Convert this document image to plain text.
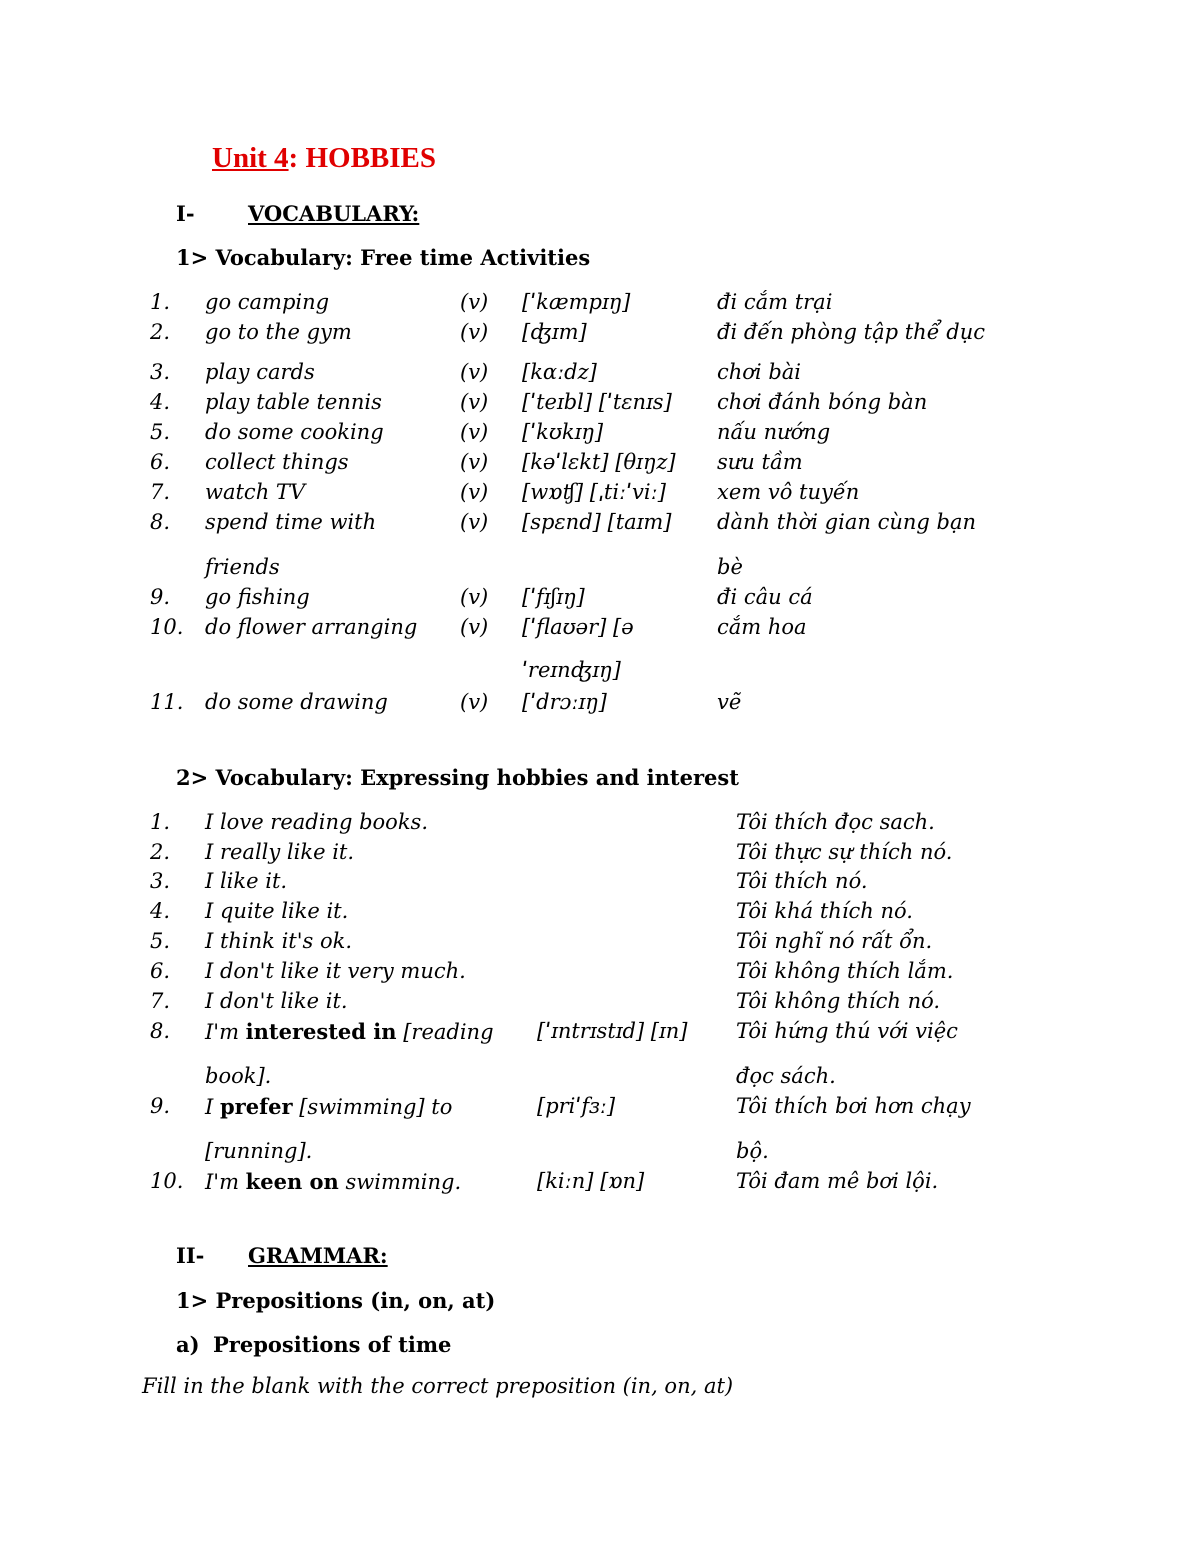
Unit 4: HOBBIES
I-	VOCABULARY:
1> Vocabulary: Free time Activities
1. go camping	(v) [ˈkæmpɪŋ]	đi cắm trại
2. go to the gym	(v) [ʤɪm]	đi đến phòng tập thể dục
3. play cards	(v) [kɑːdz]	chơi bài
4. play table tennis	(v) [ˈteɪbl] [ˈtɛnɪs] chơi đánh bóng bàn
5. do some cooking	(v) [ˈkʊkɪŋ]	nấu nướng
6. collect things	(v) [kəˈlɛkt] [θɪŋz] sưu tầm
7. watch TV	(v) [wɒʧ] [ˌtiːˈviː] xem vô tuyến
8. spend time with	(v) [spɛnd] [taɪm] dành thời gian cùng bạn
friends	bè
9. go fishing	(v) [ˈfɪʃɪŋ]	đi câu cá
10. do flower arranging (v) [ˈflaʊər] [ə	cắm hoa
ˈreɪnʤɪŋ]
11. do some drawing	(v) [ˈdrɔːɪŋ]	vẽ
2> Vocabulary: Expressing hobbies and interest
1. I love reading books.	Tôi thích đọc sach.
2. I really like it.	Tôi thực sự thích nó.
3. I like it.	Tôi thích nó.
4. I quite like it.	Tôi khá thích nó.
5. I think it's ok.	Tôi nghĩ nó rất ổn.
6. I don't like it very much.	Tôi không thích lắm.
7. I don't like it.	Tôi không thích nó.
8. I'm interested in [reading [ˈɪntrɪstɪd] [ɪn] Tôi hứng thú với việc
book].	đọc sách.
9. I prefer [swimming] to	[priˈfɜː]	Tôi thích bơi hơn chạy
[running].	bộ.
10. I'm keen on swimming.	[kiːn] [ɒn]	Tôi đam mê bơi lội.
II- GRAMMAR:
1> Prepositions (in, on, at)
a) Prepositions of time
Fill in the blank with the correct preposition (in, on, at)
